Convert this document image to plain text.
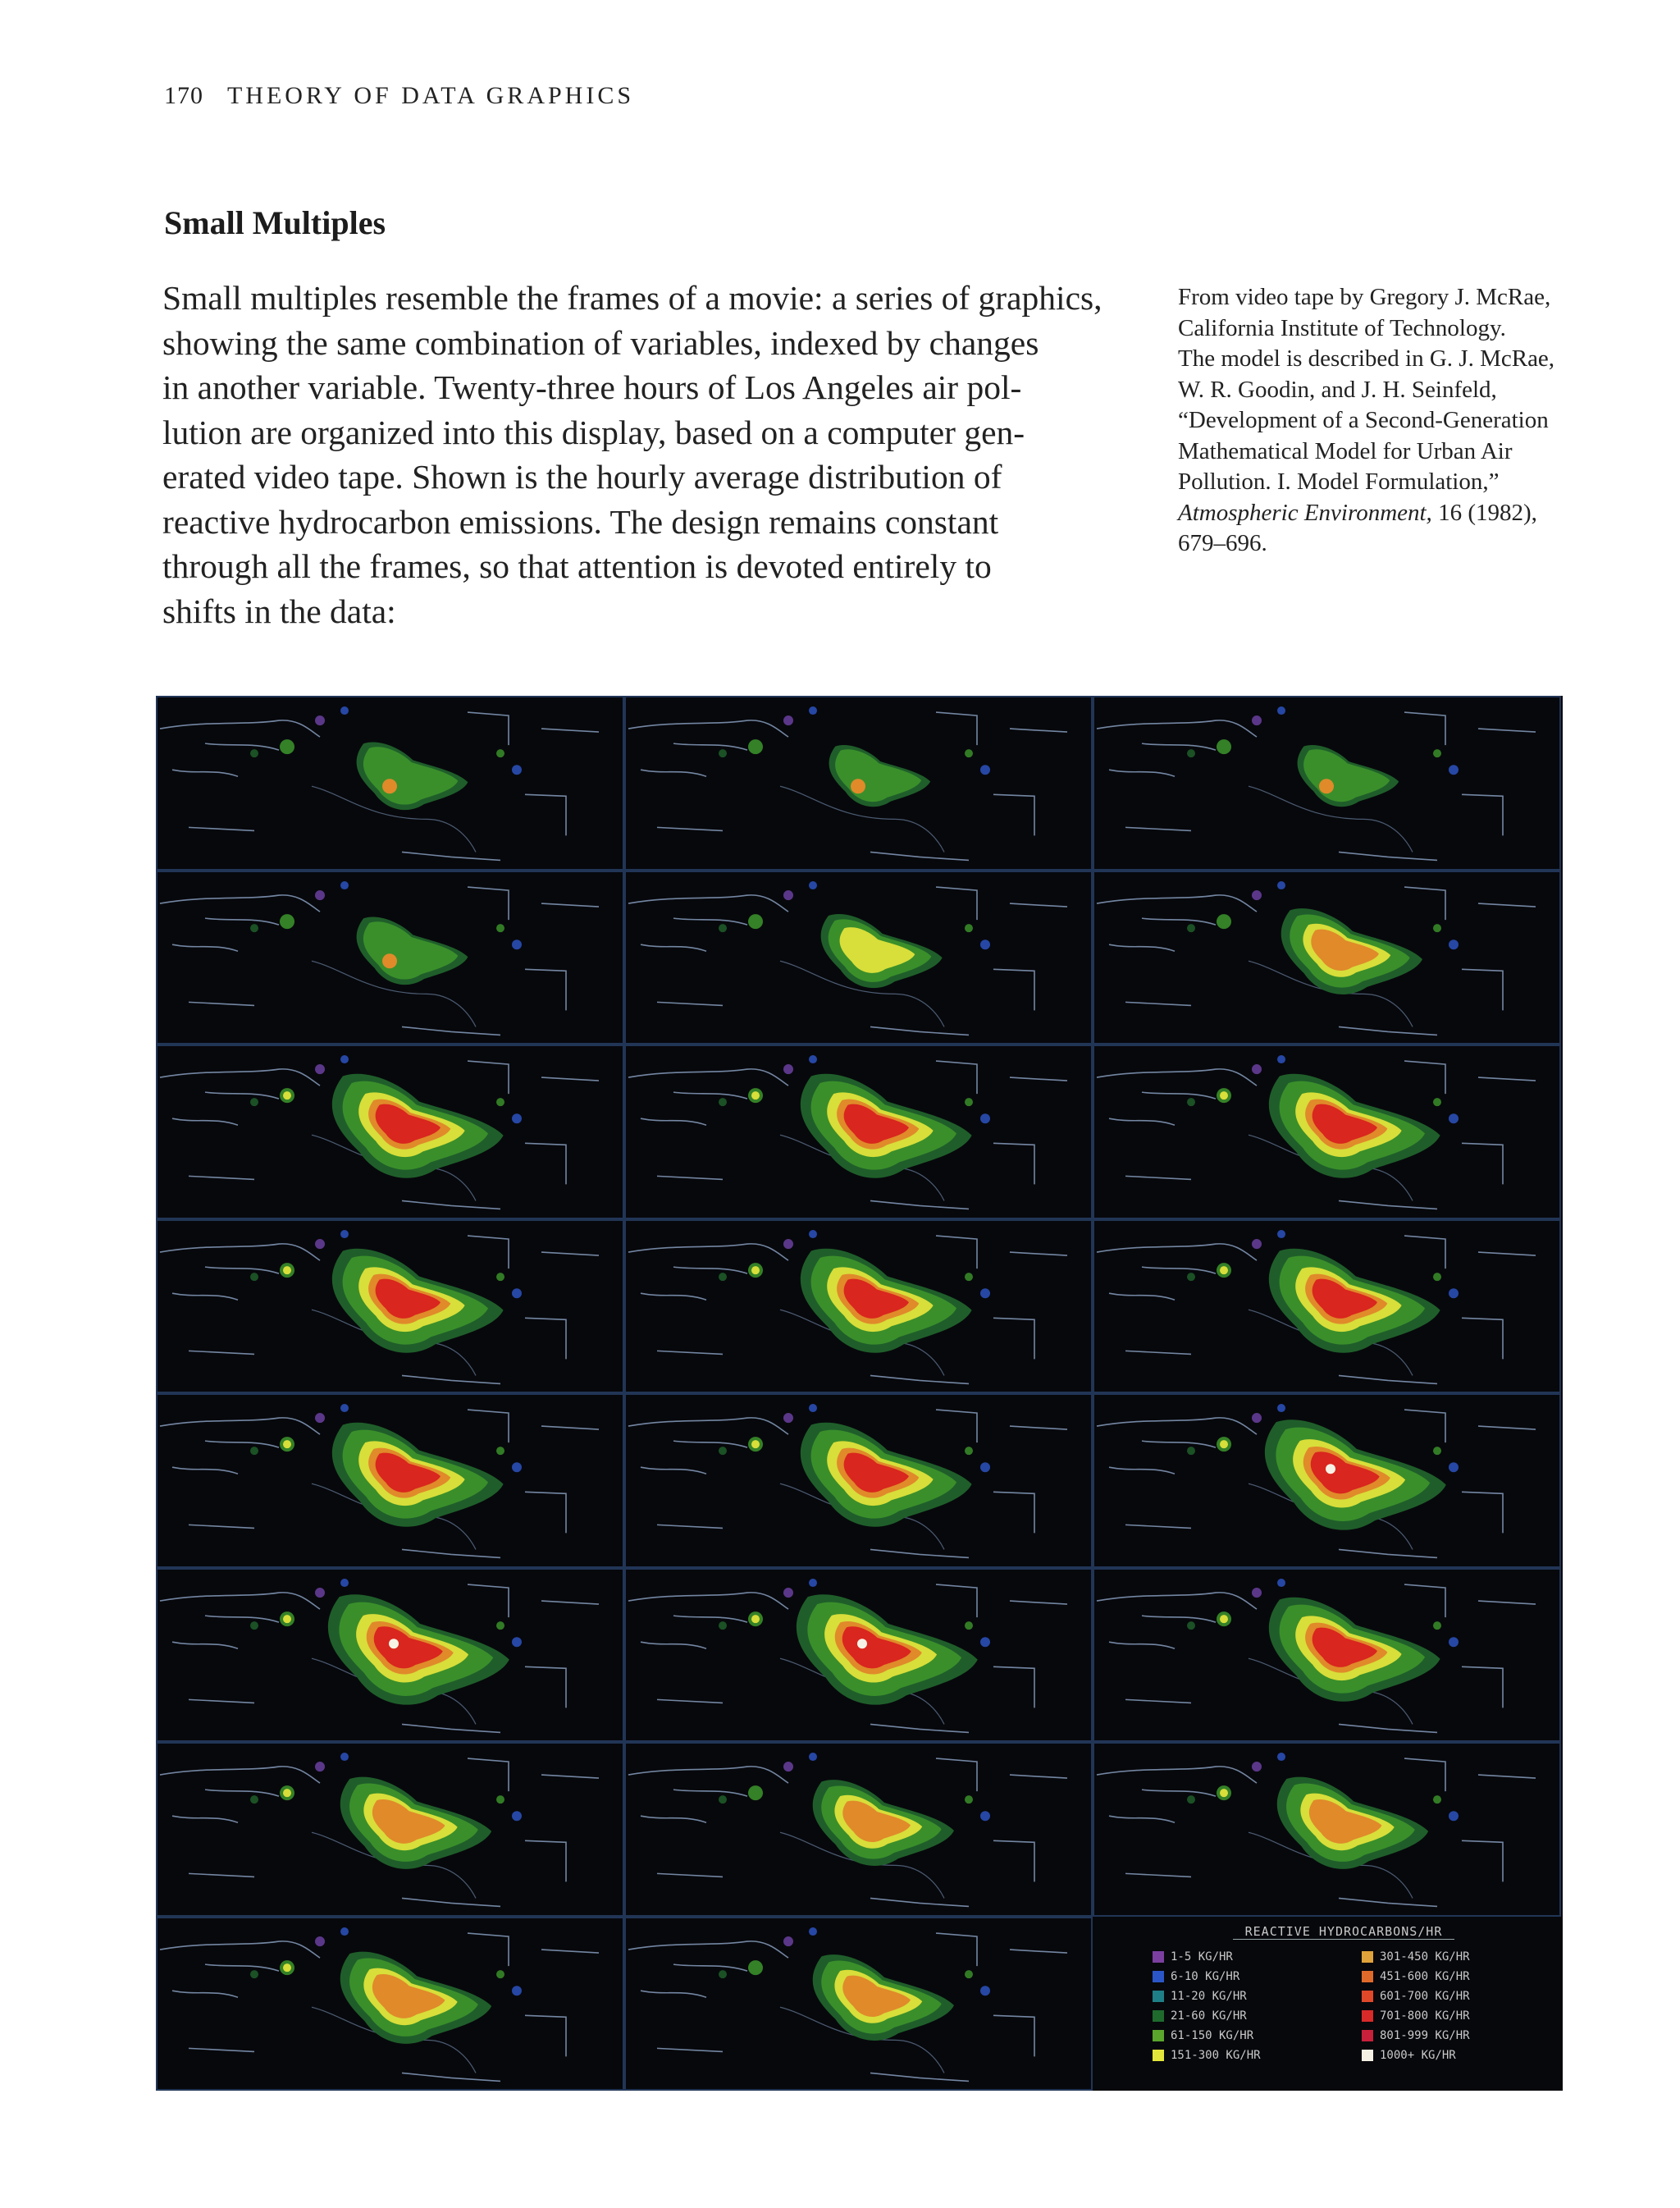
170 THEORY OF DATA GRAPHICS
Small Multiples

Small multiples resemble the frames of a movie: a series of graphics,
showing the same combination of variables, indexed by changes
in another variable. Twenty-three hours of Los Angeles air pol-
lution are organized into this display, based on a computer gen-
erated video tape. Shown is the hourly average distribution of
reactive hydrocarbon emissions. The design remains constant
through all the frames, so that attention is devoted entirely to
shifts in the data:

From video tape by Gregory J. McRae,
California Institute of Technology.
The model is described in G. J. McRae,
W. R. Goodin, and J. H. Seinfeld,
“Development of a Second-Generation
Mathematical Model for Urban Air
Pollution. I. Model Formulation,”
Atmospheric Environment, 16 (1982),
679–696.

REACTIVE HYDROCARBONS/HR
1-5 KG/HR
6-10 KG/HR
11-20 KG/HR
21-60 KG/HR
61-150 KG/HR
151-300 KG/HR
301-450 KG/HR
451-600 KG/HR
601-700 KG/HR
701-800 KG/HR
801-999 KG/HR
1000+ KG/HR
